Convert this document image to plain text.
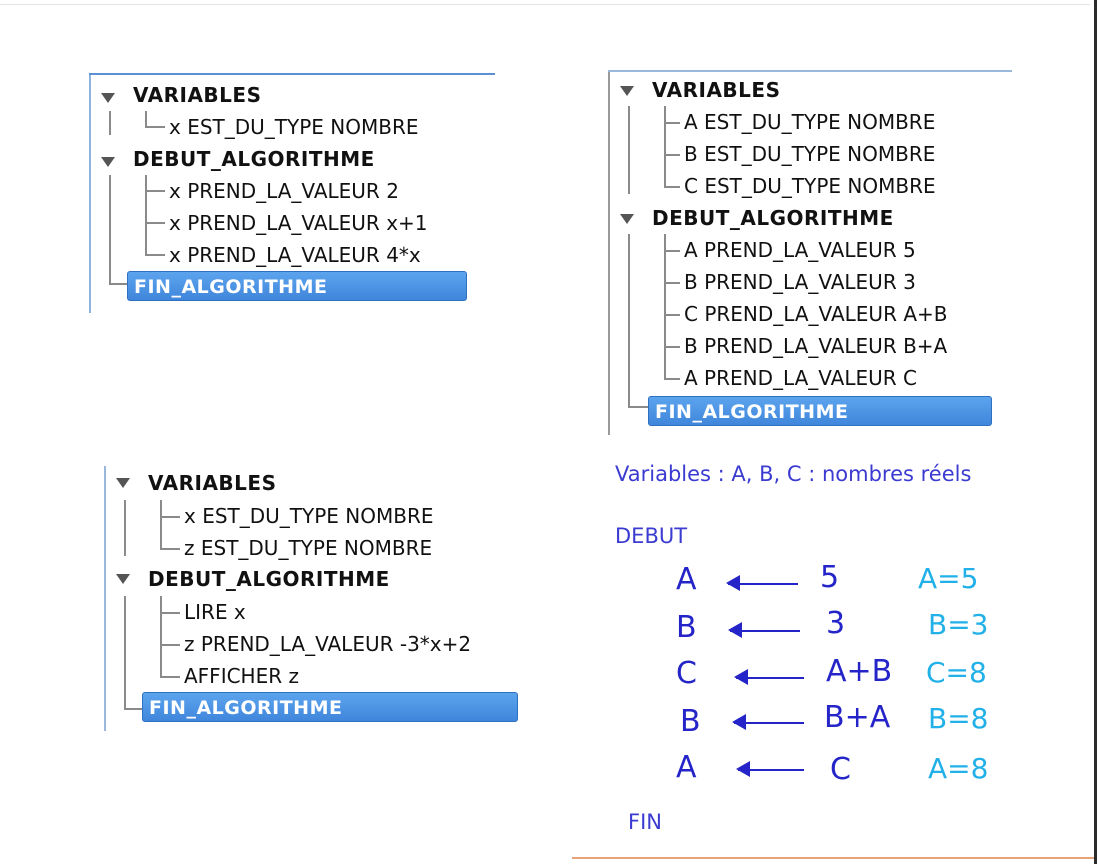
VARIABLES
x EST_DU_TYPE NOMBRE
DEBUT_ALGORITHME
x PREND_LA_VALEUR 2
x PREND_LA_VALEUR x+1
x PREND_LA_VALEUR 4*x
FIN_ALGORITHME
VARIABLES
A EST_DU_TYPE NOMBRE
B EST_DU_TYPE NOMBRE
C EST_DU_TYPE NOMBRE
DEBUT_ALGORITHME
A PREND_LA_VALEUR 5
B PREND_LA_VALEUR 3
C PREND_LA_VALEUR A+B
B PREND_LA_VALEUR B+A
A PREND_LA_VALEUR C
FIN_ALGORITHME
VARIABLES
x EST_DU_TYPE NOMBRE
z EST_DU_TYPE NOMBRE
DEBUT_ALGORITHME
LIRE x
z PREND_LA_VALEUR -3*x+2
AFFICHER z
FIN_ALGORITHME
Variables : A, B, C : nombres réels
DEBUT
FIN
A	5	A=5
B	3	B=3
C	A+B C=8
B	B+A B=8
A	C	A=8
